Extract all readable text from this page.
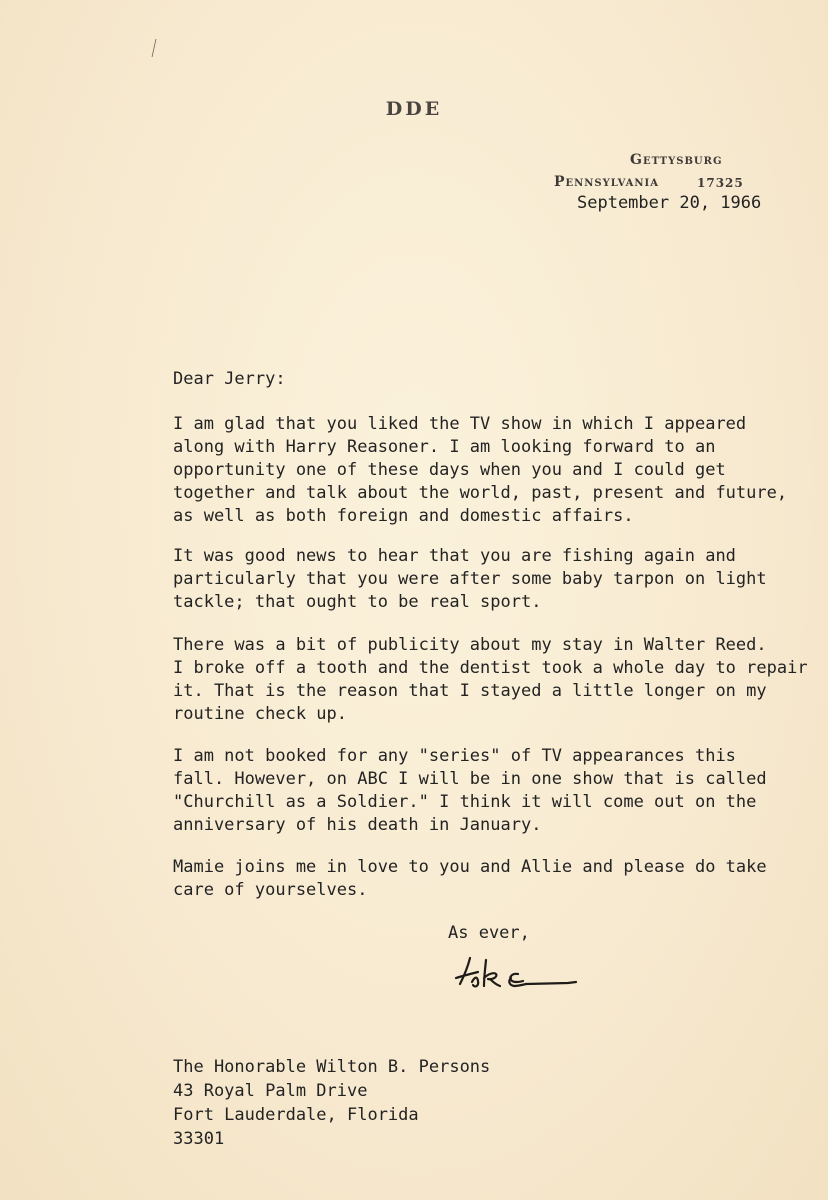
DDE
Gettysburg
Pennsylvania	17325
September 20, 1966
Dear Jerry:
I am glad that you liked the TV show in which I appeared
along with Harry Reasoner. I am looking forward to an
opportunity one of these days when you and I could get
together and talk about the world, past, present and future,
as well as both foreign and domestic affairs.
It was good news to hear that you are fishing again and
particularly that you were after some baby tarpon on light
tackle; that ought to be real sport.
There was a bit of publicity about my stay in Walter Reed.
I broke off a tooth and the dentist took a whole day to repair
it. That is the reason that I stayed a little longer on my
routine check up.
I am not booked for any "series" of TV appearances this
fall. However, on ABC I will be in one show that is called
"Churchill as a Soldier." I think it will come out on the
anniversary of his death in January.
Mamie joins me in love to you and Allie and please do take
care of yourselves.
As ever,
The Honorable Wilton B. Persons
43 Royal Palm Drive
Fort Lauderdale, Florida
33301
